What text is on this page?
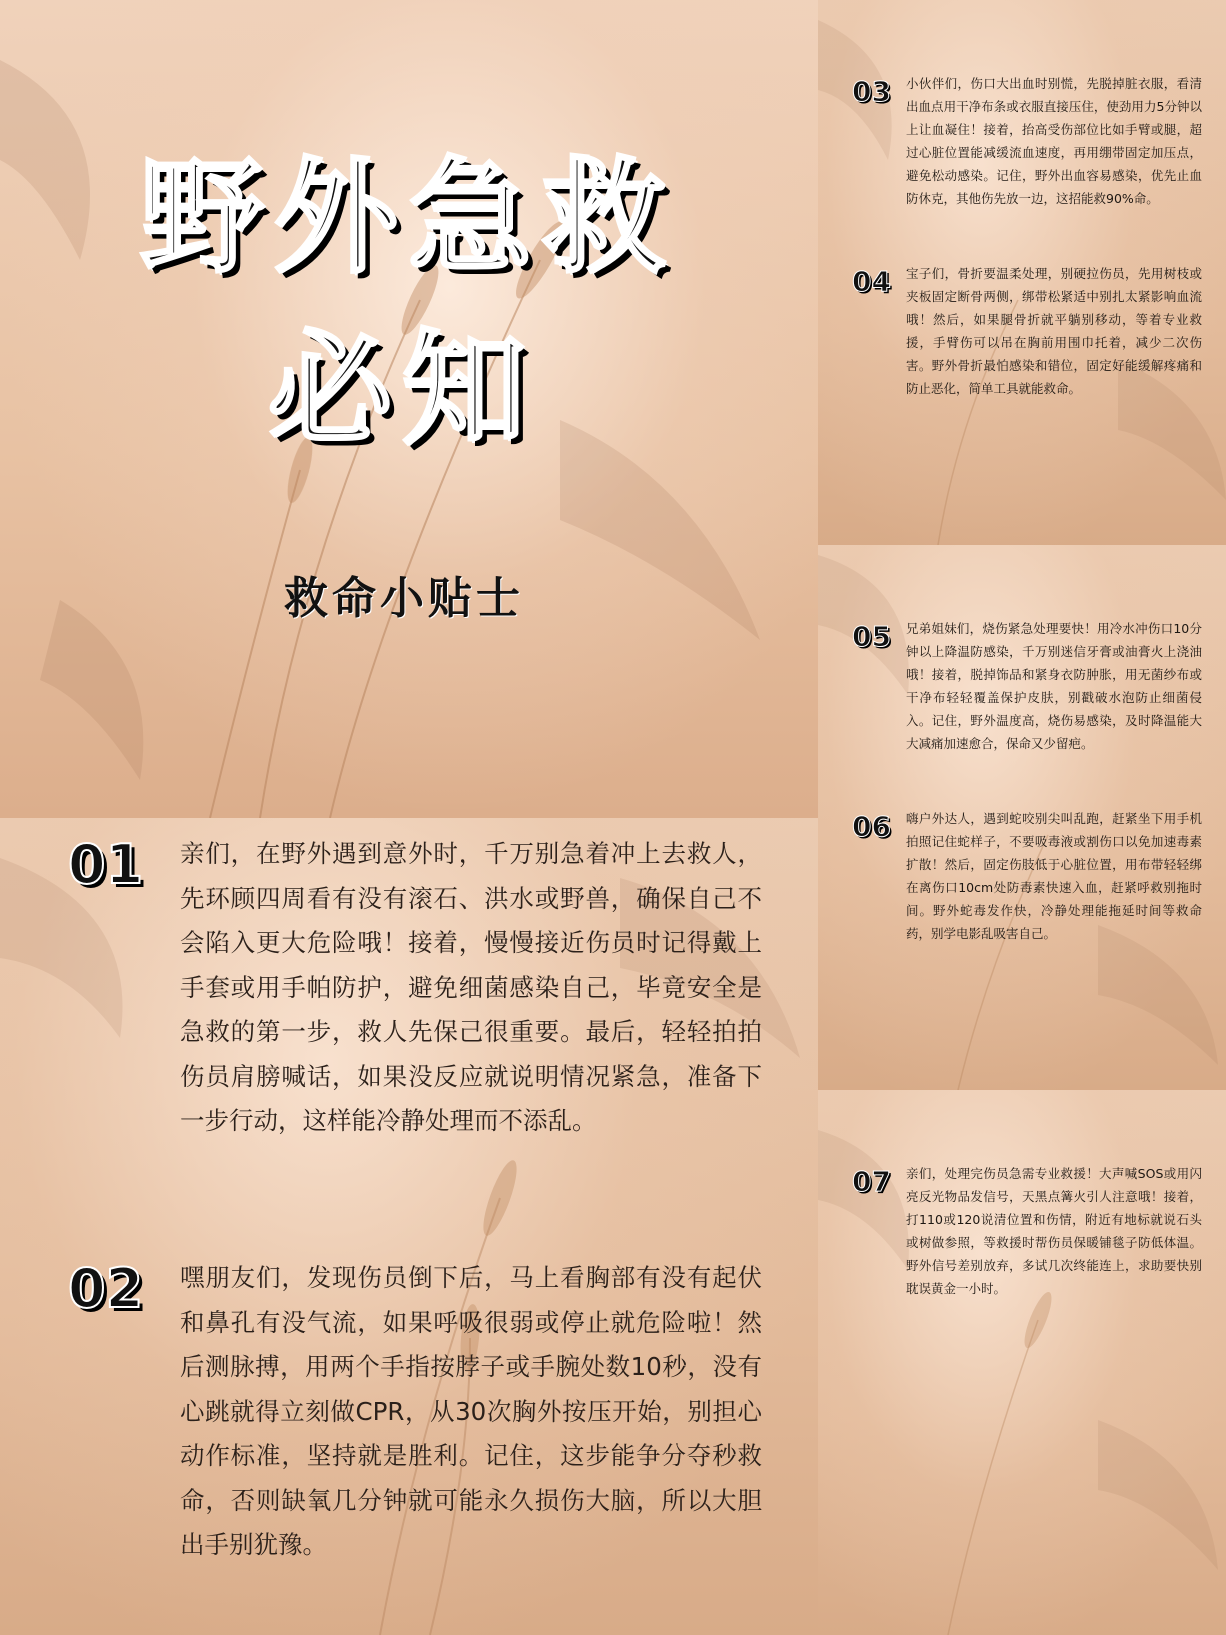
野外急救
必知
救命小贴士
01 亲们，在野外遇到意外时，千万别急着冲上去救人，先环顾四周看有没有滚石、洪水或野兽，确保自己不会陷入更大危险哦！接着，慢慢接近伤员时记得戴上手套或用手帕防护，避免细菌感染自己，毕竟安全是急救的第一步，救人先保己很重要。最后，轻轻拍拍伤员肩膀喊话，如果没反应就说明情况紧急，准备下一步行动，这样能冷静处理而不添乱。
02 嘿朋友们，发现伤员倒下后，马上看胸部有没有起伏和鼻孔有没气流，如果呼吸很弱或停止就危险啦！然后测脉搏，用两个手指按脖子或手腕处数10秒，没有心跳就得立刻做CPR，从30次胸外按压开始，别担心动作标准，坚持就是胜利。记住，这步能争分夺秒救命，否则缺氧几分钟就可能永久损伤大脑，所以大胆出手别犹豫。
03 小伙伴们，伤口大出血时别慌，先脱掉脏衣服，看清出血点用干净布条或衣服直接压住，使劲用力5分钟以上让血凝住！接着，抬高受伤部位比如手臂或腿，超过心脏位置能减缓流血速度，再用绷带固定加压点，避免松动感染。记住，野外出血容易感染，优先止血防休克，其他伤先放一边，这招能救90%命。
04 宝子们，骨折要温柔处理，别硬拉伤员，先用树枝或夹板固定断骨两侧，绑带松紧适中别扎太紧影响血流哦！然后，如果腿骨折就平躺别移动，等着专业救援，手臂伤可以吊在胸前用围巾托着，减少二次伤害。野外骨折最怕感染和错位，固定好能缓解疼痛和防止恶化，简单工具就能救命。
05 兄弟姐妹们，烧伤紧急处理要快！用冷水冲伤口10分钟以上降温防感染，千万别迷信牙膏或油膏火上浇油哦！接着，脱掉饰品和紧身衣防肿胀，用无菌纱布或干净布轻轻覆盖保护皮肤，别戳破水泡防止细菌侵入。记住，野外温度高，烧伤易感染，及时降温能大大减痛加速愈合，保命又少留疤。
06 嗨户外达人，遇到蛇咬别尖叫乱跑，赶紧坐下用手机拍照记住蛇样子，不要吸毒液或割伤口以免加速毒素扩散！然后，固定伤肢低于心脏位置，用布带轻轻绑在离伤口10cm处防毒素快速入血，赶紧呼救别拖时间。野外蛇毒发作快，冷静处理能拖延时间等救命药，别学电影乱吸害自己。
07 亲们，处理完伤员急需专业救援！大声喊SOS或用闪亮反光物品发信号，天黑点篝火引人注意哦！接着，打110或120说清位置和伤情，附近有地标就说石头或树做参照，等救援时帮伤员保暖铺毯子防低体温。野外信号差别放弃，多试几次终能连上，求助要快别耽误黄金一小时。
